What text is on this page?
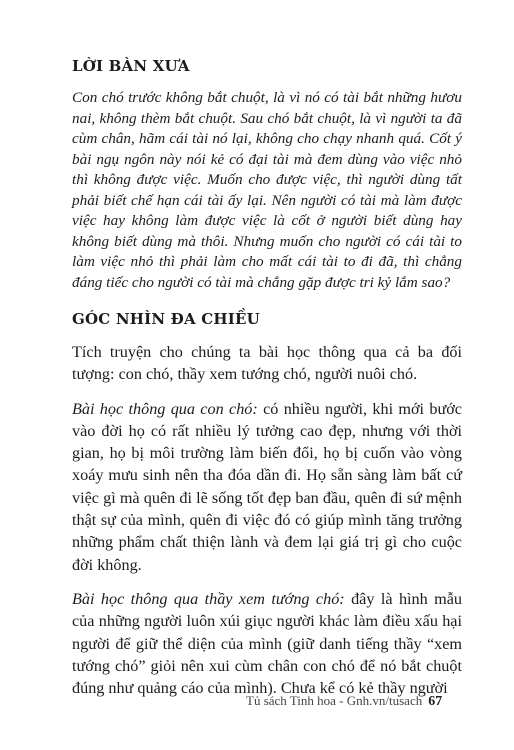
LỜI BÀN XƯA

Con chó trước không bắt chuột, là vì nó có tài bắt những hươu nai, không thèm bắt chuột. Sau chó bắt chuột, là vì người ta đã cùm chân, hãm cái tài nó lại, không cho chạy nhanh quá. Cốt ý bài ngụ ngôn này nói kẻ có đại tài mà đem dùng vào việc nhỏ thì không được việc. Muốn cho được việc, thì người dùng tất phải biết chế hạn cái tài ấy lại. Nên người có tài mà làm được việc hay không làm được việc là cốt ở người biết dùng hay không biết dùng mà thôi. Nhưng muốn cho người có cái tài to làm việc nhỏ thì phải làm cho mất cái tài to đi đã, thì chẳng đáng tiếc cho người có tài mà chẳng gặp được tri kỷ lắm sao?

GÓC NHÌN ĐA CHIỀU

Tích truyện cho chúng ta bài học thông qua cả ba đối tượng: con chó, thầy xem tướng chó, người nuôi chó.

Bài học thông qua con chó: có nhiều người, khi mới bước vào đời họ có rất nhiều lý tưởng cao đẹp, nhưng với thời gian, họ bị môi trường làm biến đổi, họ bị cuốn vào vòng xoáy mưu sinh nên tha đóa dần đi. Họ sẵn sàng làm bất cứ việc gì mà quên đi lẽ sống tốt đẹp ban đầu, quên đi sứ mệnh thật sự của mình, quên đi việc đó có giúp mình tăng trưởng những phẩm chất thiện lành và đem lại giá trị gì cho cuộc đời không.

Bài học thông qua thầy xem tướng chó: đây là hình mẫu của những người luôn xúi giục người khác làm điều xấu hại người để giữ thể diện của mình (giữ danh tiếng thầy “xem tướng chó” giỏi nên xui cùm chân con chó để nó bắt chuột đúng như quảng cáo của mình). Chưa kể có kẻ thầy người

Tủ sách Tinh hoa - Gnh.vn/tusach 67
